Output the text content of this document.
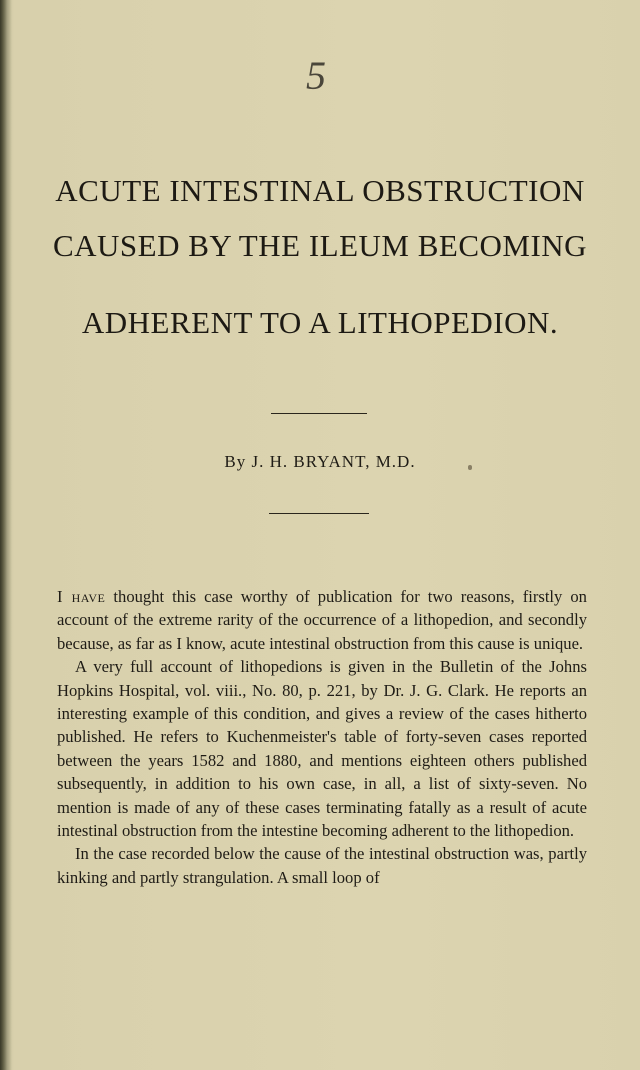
5
ACUTE INTESTINAL OBSTRUCTION
CAUSED BY THE ILEUM BECOMING
ADHERENT TO A LITHOPEDION.
By J. H. BRYANT, M.D.

I have thought this case worthy of publication for two reasons, firstly on account of the extreme rarity of the occurrence of a lithopedion, and secondly because, as far as I know, acute intestinal obstruction from this cause is unique.

A very full account of lithopedions is given in the Bulletin of the Johns Hopkins Hospital, vol. viii., No. 80, p. 221, by Dr. J. G. Clark. He reports an interesting example of this condition, and gives a review of the cases hitherto published. He refers to Kuchenmeister's table of forty-seven cases reported between the years 1582 and 1880, and mentions eighteen others published subsequently, in addition to his own case, in all, a list of sixty-seven. No mention is made of any of these cases terminating fatally as a result of acute intestinal obstruction from the intestine becoming adherent to the lithopedion.

In the case recorded below the cause of the intestinal obstruction was, partly kinking and partly strangulation. A small loop of
